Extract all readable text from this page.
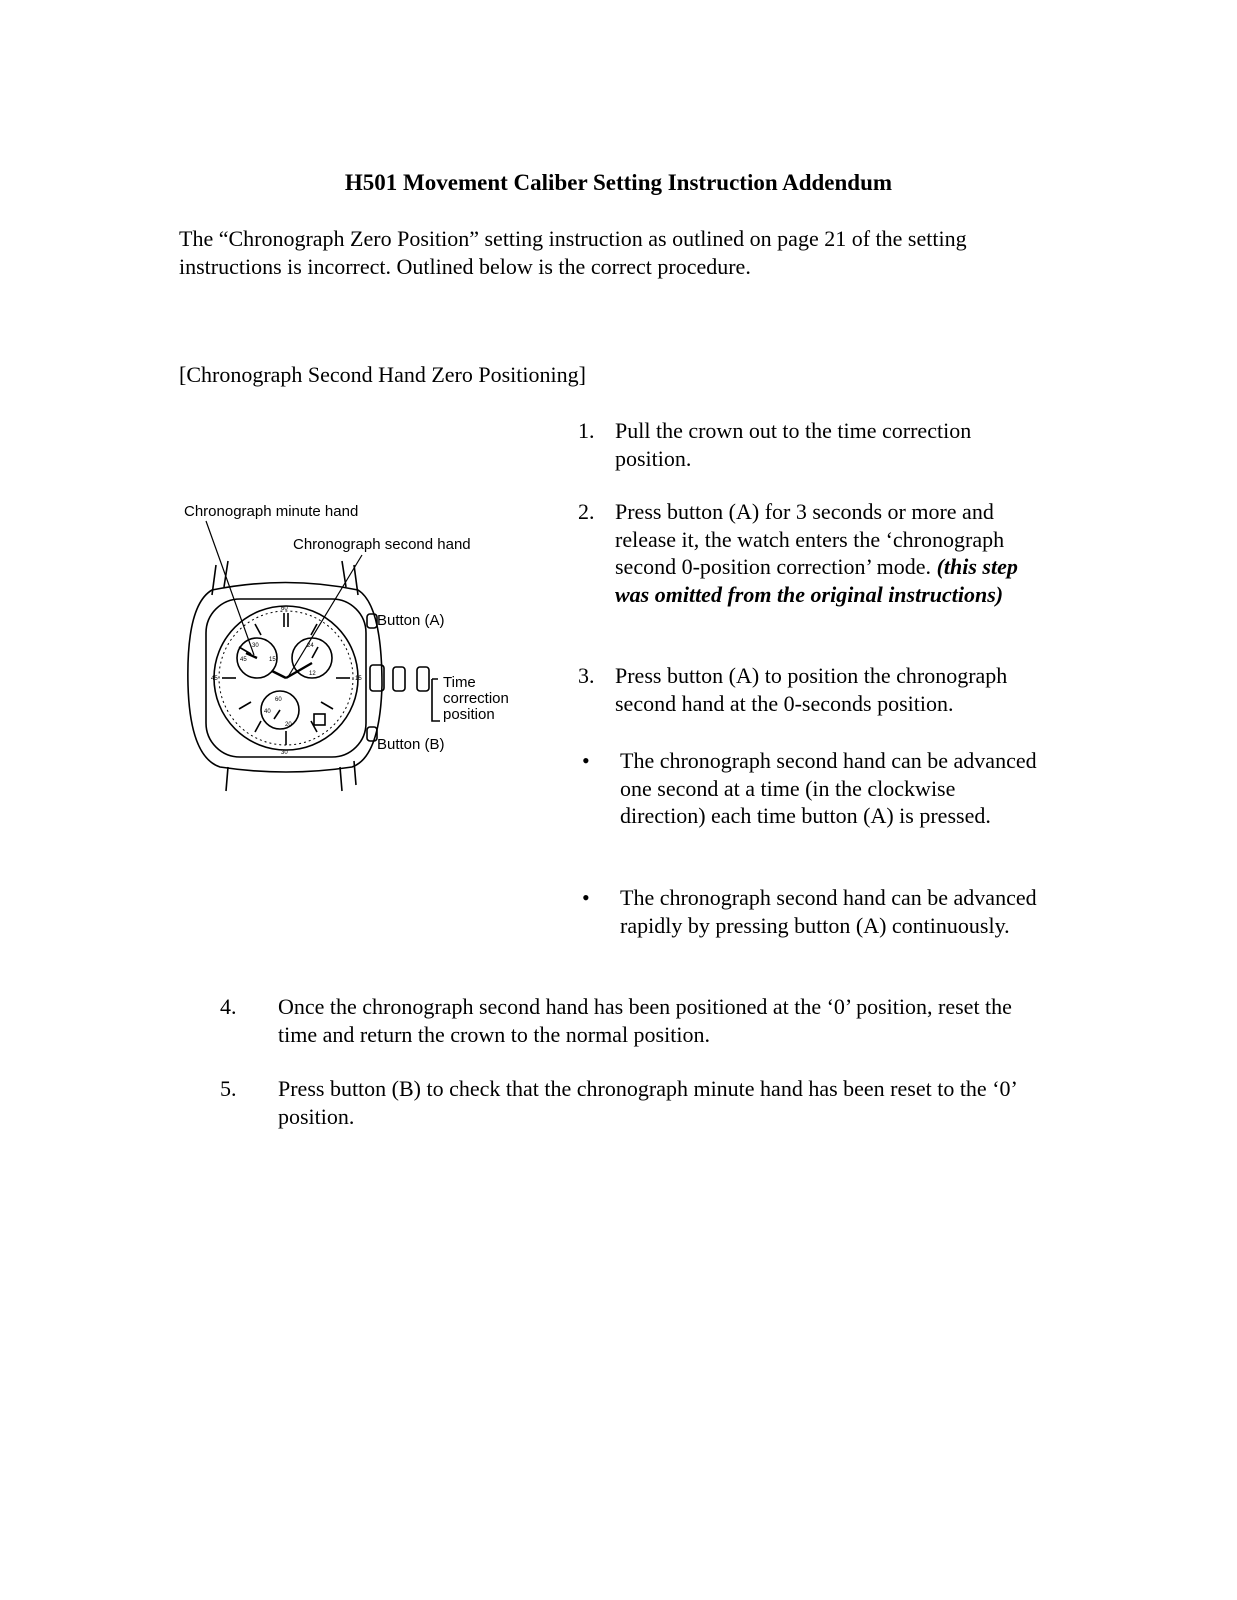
H501 Movement Caliber Setting Instruction Addendum
The “Chronograph Zero Position” setting instruction as outlined on page 21 of the setting instructions is incorrect. Outlined below is the correct procedure.
[Chronograph Second Hand Zero Positioning]
Chronograph minute hand
Chronograph second hand
Button (A)
Button (B)
Time
correction
position
30
45	15
24
12
60
20
40
60
30
45	15
1. Pull the crown out to the time correction position.
2. Press button (A) for 3 seconds or more and release it, the watch enters the ‘chronograph second 0-position correction’ mode. (this step was omitted from the original instructions)
3. Press button (A) to position the chronograph second hand at the 0-seconds position.
• The chronograph second hand can be advanced one second at a time (in the clockwise direction) each time button (A) is pressed.
• The chronograph second hand can be advanced rapidly by pressing button (A) continuously.
4. Once the chronograph second hand has been positioned at the ‘0’ position, reset the time and return the crown to the normal position.
5. Press button (B) to check that the chronograph minute hand has been reset to the ‘0’ position.
